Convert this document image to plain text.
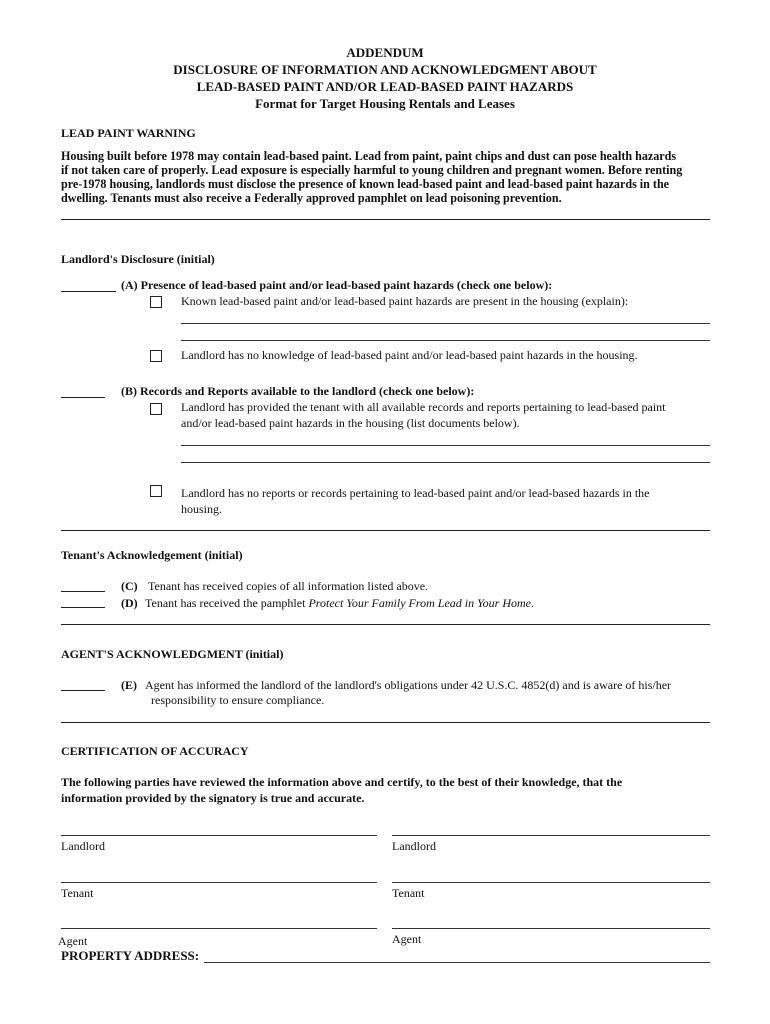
ADDENDUM
DISCLOSURE OF INFORMATION AND ACKNOWLEDGMENT ABOUT
LEAD-BASED PAINT AND/OR LEAD-BASED PAINT HAZARDS
Format for Target Housing Rentals and Leases
LEAD PAINT WARNING
Housing built before 1978 may contain lead-based paint. Lead from paint, paint chips and dust can pose health hazards
if not taken care of properly. Lead exposure is especially harmful to young children and pregnant women. Before renting
pre-1978 housing, landlords must disclose the presence of known lead-based paint and lead-based paint hazards in the
dwelling. Tenants must also receive a Federally approved pamphlet on lead poisoning prevention.
Landlord's Disclosure (initial)
(A) Presence of lead-based paint and/or lead-based paint hazards (check one below):
Known lead-based paint and/or lead-based paint hazards are present in the housing (explain):
Landlord has no knowledge of lead-based paint and/or lead-based paint hazards in the housing.
(B) Records and Reports available to the landlord (check one below):
Landlord has provided the tenant with all available records and reports pertaining to lead-based paint
and/or lead-based paint hazards in the housing (list documents below).
Landlord has no reports or records pertaining to lead-based paint and/or lead-based hazards in the
housing.
Tenant's Acknowledgement (initial)
(C) Tenant has received copies of all information listed above.
(D) Tenant has received the pamphlet Protect Your Family From Lead in Your Home.
AGENT'S ACKNOWLEDGMENT (initial)
(E) Agent has informed the landlord of the landlord's obligations under 42 U.S.C. 4852(d) and is aware of his/her
responsibility to ensure compliance.
CERTIFICATION OF ACCURACY
The following parties have reviewed the information above and certify, to the best of their knowledge, that the
information provided by the signatory is true and accurate.
Landlord	Landlord
Tenant	Tenant
Agent	Agent
PROPERTY ADDRESS:
